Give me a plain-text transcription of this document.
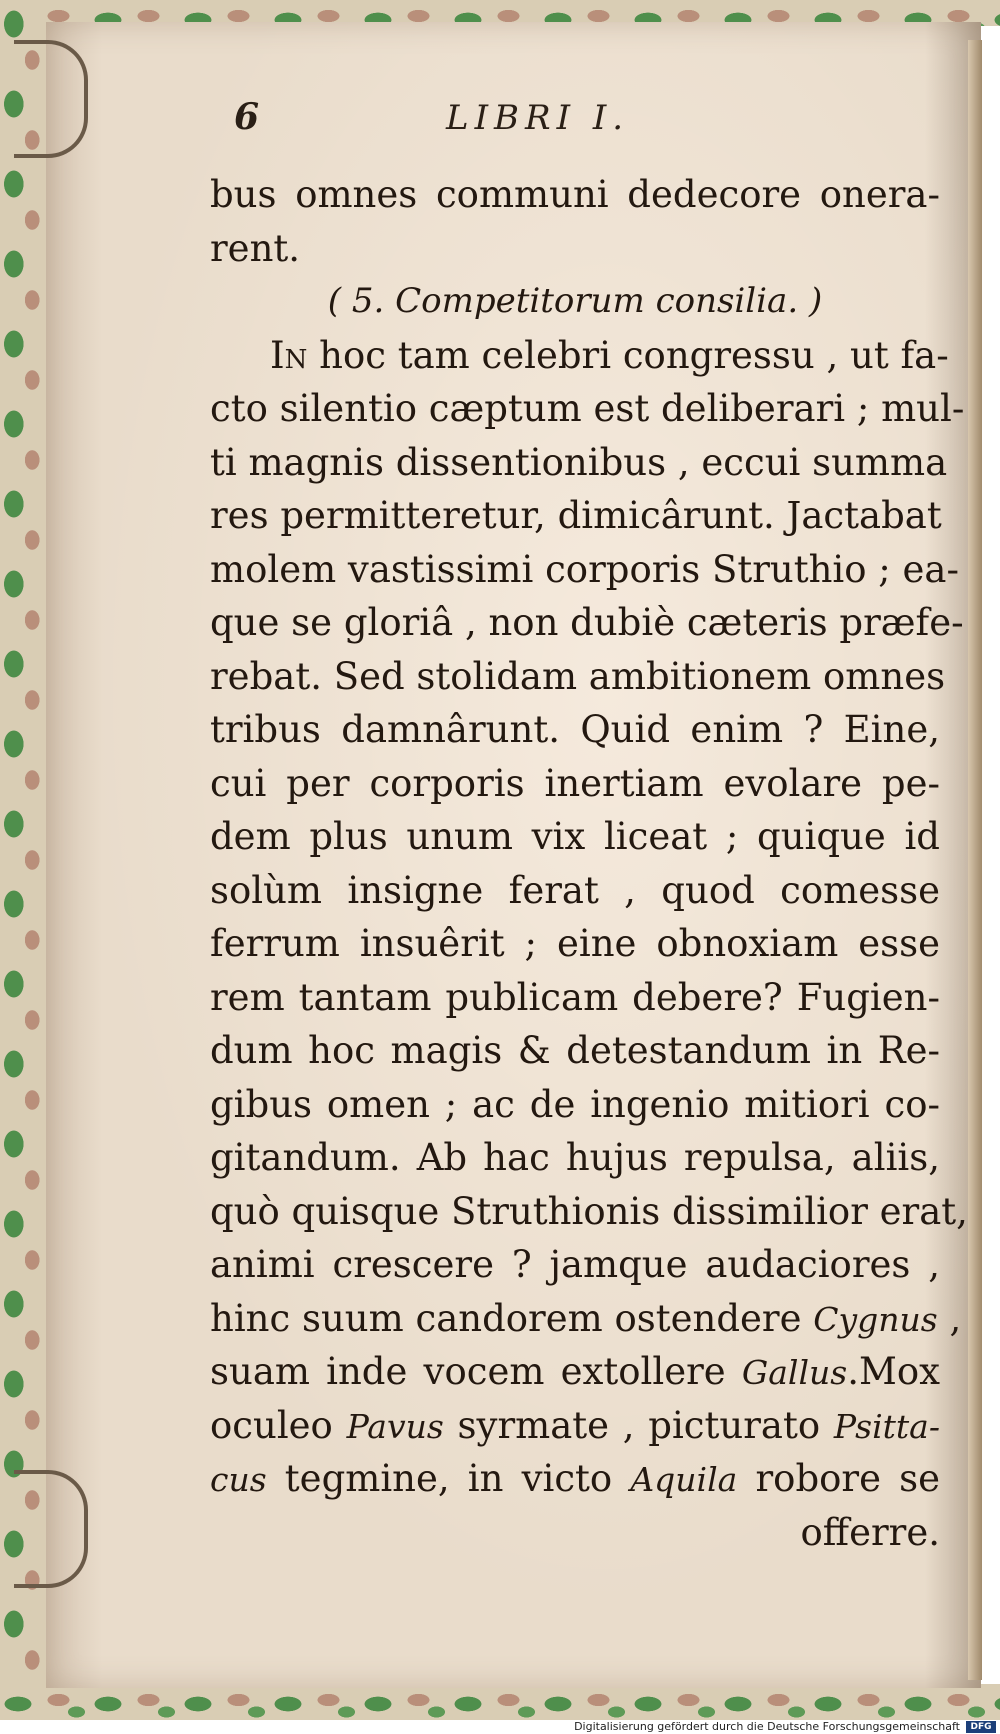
6	LIBRI I.
bus omnes communi dedecore onera-
rent.
( 5. Competitorum consilia. )
In hoc tam celebri congressu , ut fa-
cto silentio cæptum est deliberari ; mul-
ti magnis dissentionibus , eccui summa
res permitteretur, dimicârunt. Jactabat
molem vastissimi corporis Struthio ; ea-
que se gloriâ , non dubiè cæteris præfe-
rebat. Sed stolidam ambitionem omnes
tribus damnârunt. Quid enim ? Eine,
cui per corporis inertiam evolare pe-
dem plus unum vix liceat ; quique id
solùm insigne ferat , quod comesse
ferrum insuêrit ; eine obnoxiam esse
rem tantam publicam debere? Fugien-
dum hoc magis & detestandum in Re-
gibus omen ; ac de ingenio mitiori co-
gitandum. Ab hac hujus repulsa, aliis,
quò quisque Struthionis dissimilior erat,
animi crescere ? jamque audaciores ,
hinc suum candorem ostendere Cygnus ,
suam inde vocem extollere Gallus.Mox
oculeo Pavus syrmate , picturato Psitta-
cus tegmine, in victo Aquila robore se
offerre.
Digitalisierung gefördert durch die Deutsche Forschungsgemeinschaft	DFG
